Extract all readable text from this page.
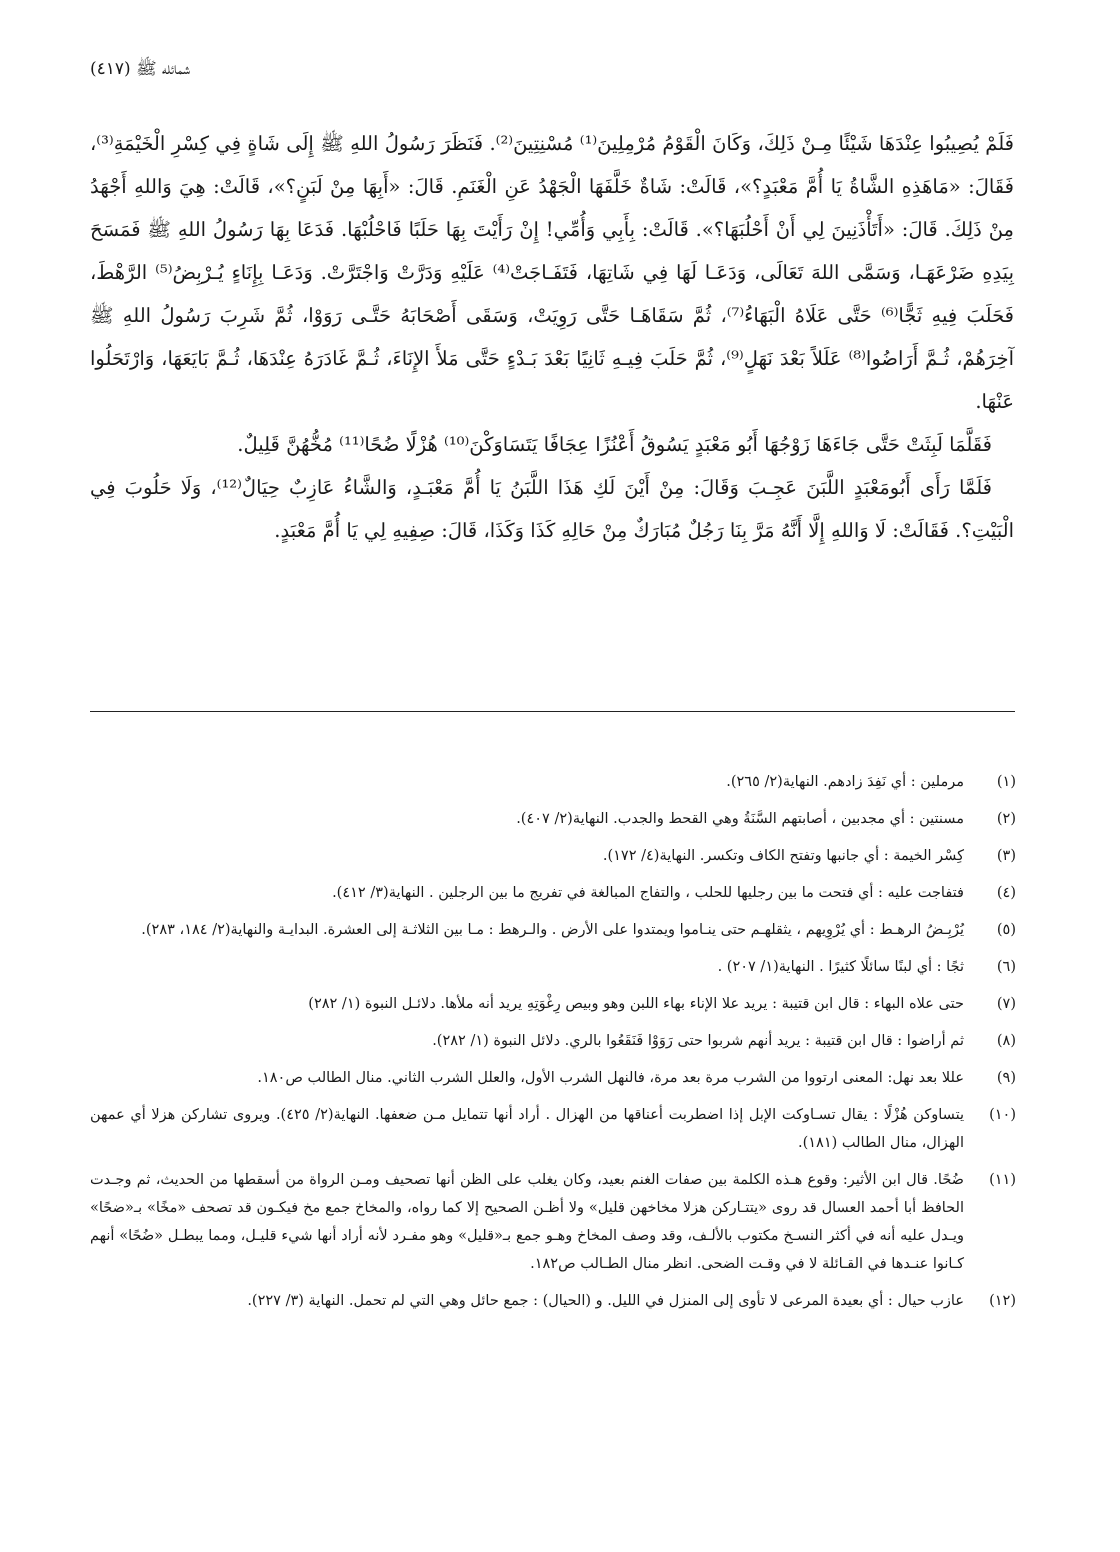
شمائله ﷺ (٤١٧)

فَلَمْ يُصِيبُوا عِنْدَهَا شَيْئًا مِـنْ ذَلِكَ، وَكَانَ الْقَوْمُ مُرْمِلِينَ⁽¹⁾ مُسْنِتِينَ⁽²⁾. فَنَظَرَ رَسُولُ اللهِ ﷺ إِلَى شَاةٍ فِي كِسْرِ الْخَيْمَةِ⁽³⁾، فَقَالَ: «مَاهَذِهِ الشَّاةُ يَا أُمَّ مَعْبَدٍ؟»، قَالَتْ: شَاةٌ خَلَّفَهَا الْجَهْدُ عَنِ الْغَنَمِ. قَالَ: «أَبِهَا مِنْ لَبَنٍ؟»، قَالَتْ: هِيَ وَاللهِ أَجْهَدُ مِنْ ذَلِكَ. قَالَ: «أَتَأْذَنِينَ لِي أَنْ أَحْلُبَهَا؟». قَالَتْ: بِأَبِي وَأُمِّي! إِنْ رَأَيْتَ بِهَا حَلَبًا فَاحْلُبْهَا. فَدَعَا بِهَا رَسُولُ اللهِ ﷺ فَمَسَحَ بِيَدِهِ ضَرْعَهَـا، وَسَمَّى اللهَ تَعَالَى، وَدَعَـا لَهَا فِي شَاتِهَا، فَتَفَـاجَتْ⁽⁴⁾ عَلَيْهِ وَدَرَّتْ وَاجْتَرَّتْ. وَدَعَـا بِإِنَاءٍ يُـرْبِضُ⁽⁵⁾ الرَّهْطَ، فَحَلَبَ فِيهِ ثَجًّا⁽⁶⁾ حَتَّى عَلَاهُ الْبَهَاءُ⁽⁷⁾، ثُمَّ سَقَاهَـا حَتَّى رَوِيَتْ، وَسَقَى أَصْحَابَهُ حَتَّـى رَوَوْا، ثُمَّ شَرِبَ رَسُولُ اللهِ ﷺ آخِرَهُمْ، ثُـمَّ أَرَاضُوا⁽⁸⁾ عَلَلاً بَعْدَ نَهَلٍ⁽⁹⁾، ثُمَّ حَلَبَ فِيـهِ ثَانِيًا بَعْدَ بَـدْءٍ حَتَّى مَلأَ الإِنَاءَ، ثُـمَّ غَادَرَهُ عِنْدَهَا، ثُـمَّ بَايَعَهَا، وَارْتَحَلُوا عَنْهَا.

فَقَلَّمَا لَبِثَتْ حَتَّى جَاءَهَا زَوْجُهَا أَبُو مَعْبَدٍ يَسُوقُ أَعْنُزًا عِجَافًا يَتَسَاوَكْنَ⁽¹⁰⁾ هُزْلًا ضُحًا⁽¹¹⁾ مُخُّهُنَّ قَلِيلٌ.

فَلَمَّا رَأَى أَبُومَعْبَدٍ اللَّبَنَ عَجِـبَ وَقَالَ: مِنْ أَيْنَ لَكِ هَذَا اللَّبَنُ يَا أُمَّ مَعْبَـدٍ، وَالشَّاءُ عَازِبٌ حِيَالٌ⁽¹²⁾، وَلَا حَلُوبَ فِي الْبَيْتِ؟. فَقَالَتْ: لَا وَاللهِ إِلَّا أَنَّهُ مَرَّ بِنَا رَجُلٌ مُبَارَكٌ مِنْ حَالِهِ كَذَا وَكَذَا، قَالَ: صِفِيهِ لِي يَا أُمَّ مَعْبَدٍ.

(١)
مرملين : أي نَفِدَ زادهم. النهاية(٢/ ٢٦٥).
(٢)
مسنتين : أي مجدبين ، أصابتهم السَّنَةُ وهي القحط والجدب. النهاية(٢/ ٤٠٧).
(٣)
كِسْر الخيمة : أي جانبها وتفتح الكاف وتكسر. النهاية(٤/ ١٧٢).
(٤)
فتفاجت عليه : أي فتحت ما بين رجليها للحلب ، والتفاج المبالغة في تفريج ما بين الرجلين . النهاية(٣/ ٤١٢).
(٥)
يُرْبِـضُ الرهـط : أي يُرْوِيهم ، يثقلهـم حتى ينـاموا ويمتدوا على الأرض . والـرهط : مـا بين الثلاثـة إلى العشرة. البدايـة والنهاية(٢/ ١٨٤، ٢٨٣).
(٦)
ثجًا : أي لبنًا سائلًا كثيرًا . النهاية(١/ ٢٠٧) .
(٧)
حتى علاه البهاء : قال ابن قتيبة : يريد علا الإناء بهاء اللبن وهو وبيص رِغْوَتِهِ يريد أنه ملأها. دلائـل النبوة (١/ ٢٨٢)
(٨)
ثم أراضوا : قال ابن قتيبة : يريد أنهم شربوا حتى رَوَوْا فَنَقَعُوا بالري. دلائل النبوة (١/ ٢٨٢).
(٩)
عللا بعد نهل: المعنى ارتووا من الشرب مرة بعد مرة، فالنهل الشرب الأول، والعلل الشرب الثاني. منال الطالب ص١٨٠.
(١٠)
يتساوكن هُزْلًا : يقال تسـاوكت الإبل إذا اضطربت أعناقها من الهزال . أراد أنها تتمايل مـن ضعفها. النهاية(٢/ ٤٢٥). ويروى تشاركن هزلا أي عمهن الهزال، منال الطالب (١٨١).
(١١)
ضُحًا. قال ابن الأثير: وقوع هـذه الكلمة بين صفات الغنم بعيد، وكان يغلب على الظن أنها تصحيف ومـن الرواة من أسقطها من الحديث، ثم وجـدت الحافظ أبا أحمد العسال قد روى «يتتـاركن هزلا مخاخهن قليل» ولا أظـن الصحيح إلا كما رواه، والمخاخ جمع مخ فيكـون قد تصحف «مخًا» بـ«ضحًا» ويـدل عليه أنه في أكثر النسـخ مكتوب بالألـف، وقد وصف المخاخ وهـو جمع بـ«قليل» وهو مفـرد لأنه أراد أنها شيء قليـل، ومما يبطـل «ضُحًا» أنهم كـانوا عنـدها في القـائلة لا في وقـت الضحى. انظر منال الطـالب ص١٨٢.
(١٢)
عازب حيال : أي بعيدة المرعى لا تأوى إلى المنزل في الليل. و (الحيال) : جمع حائل وهي التي لم تحمل. النهاية (٣/ ٢٢٧).
